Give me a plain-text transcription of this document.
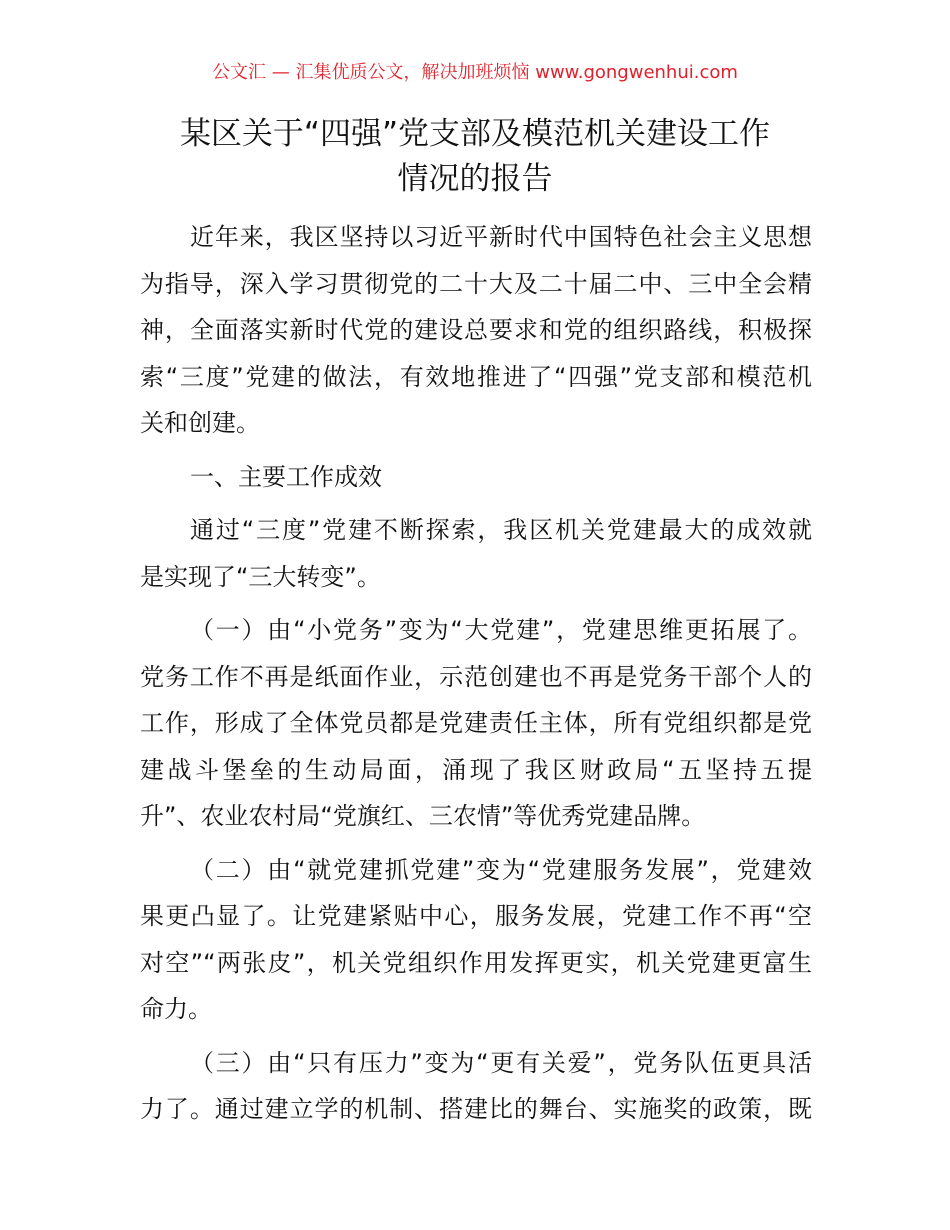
公文汇 — 汇集优质公文，解决加班烦恼 www.gongwenhui.com
某区关于“四强”党支部及模范机关建设工作
情况的报告
近年来，我区坚持以习近平新时代中国特色社会主义思想
为指导，深入学习贯彻党的二十大及二十届二中、三中全会精
神，全面落实新时代党的建设总要求和党的组织路线，积极探
索“三度”党建的做法，有效地推进了“四强”党支部和模范机
关和创建。
一、主要工作成效
通过“三度”党建不断探索，我区机关党建最大的成效就
是实现了“三大转变”。
（一）由“小党务”变为“大党建”，党建思维更拓展了。
党务工作不再是纸面作业，示范创建也不再是党务干部个人的
工作，形成了全体党员都是党建责任主体，所有党组织都是党
建战斗堡垒的生动局面，涌现了我区财政局“五坚持五提
升”、农业农村局“党旗红、三农情”等优秀党建品牌。
（二）由“就党建抓党建”变为“党建服务发展”，党建效
果更凸显了。让党建紧贴中心，服务发展，党建工作不再“空
对空”“两张皮”，机关党组织作用发挥更实，机关党建更富生
命力。
（三）由“只有压力”变为“更有关爱”，党务队伍更具活
力了。通过建立学的机制、搭建比的舞台、实施奖的政策，既
